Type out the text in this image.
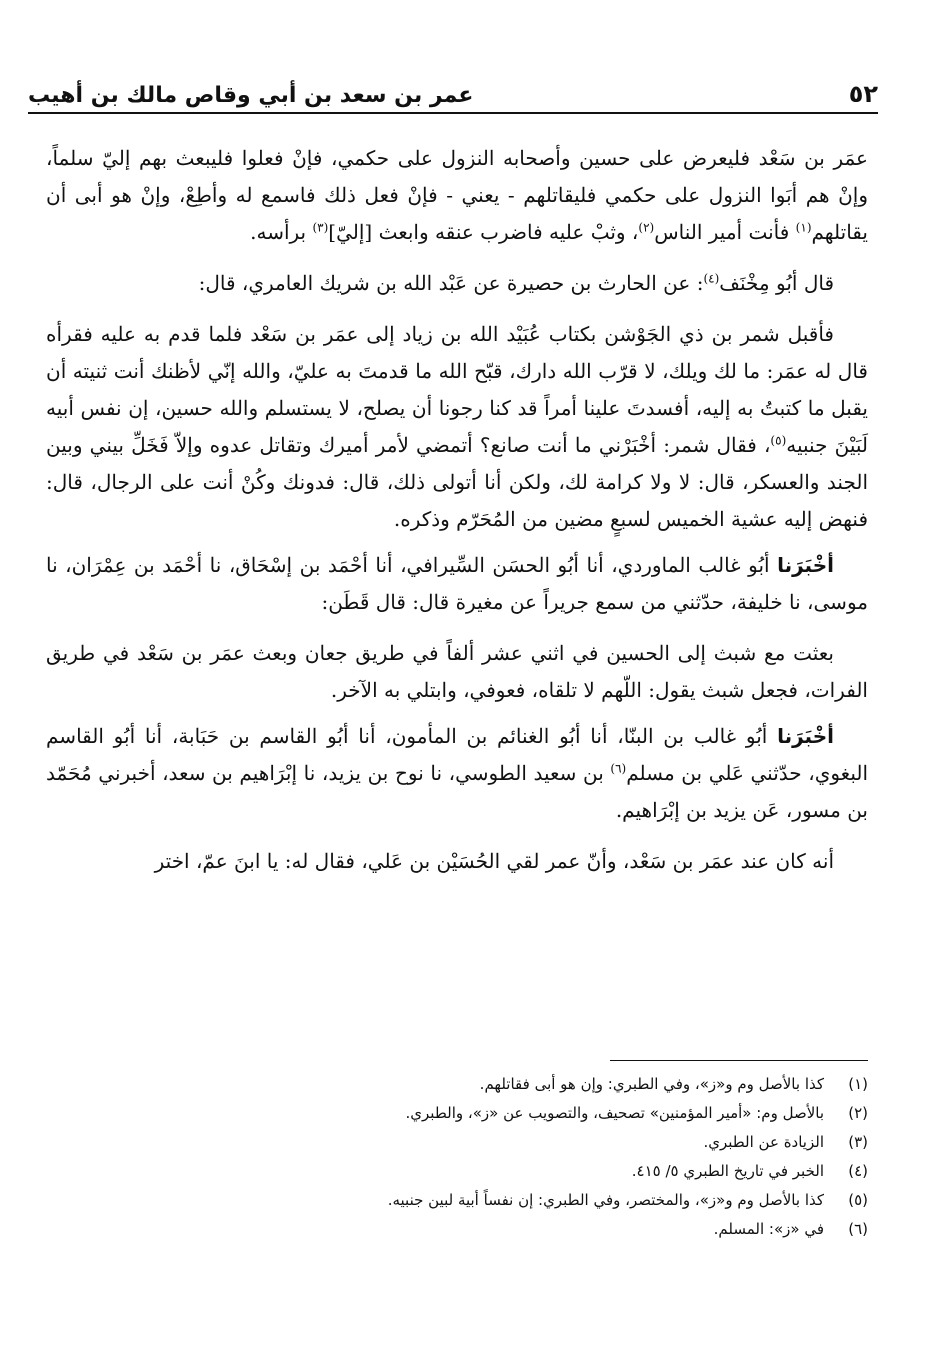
٥٢
عمر بن سعد بن أبي وقاص مالك بن أهيب

عمَر بن سَعْد فليعرض على حسين وأصحابه النزول على حكمي، فإنْ فعلوا فليبعث بهم إليّ سلماً، وإنْ هم أبَوا النزول على حكمي فليقاتلهم - يعني - فإنْ فعل ذلك فاسمع له وأطِعْ، وإنْ هو أبى أن يقاتلهم$^{(١)}$ فأنت أمير الناس$^{(٢)}$، وثبْ عليه فاضرب عنقه وابعث [إليّ]$^{(٣)}$ برأسه.

قال أبُو مِخْنَف$^{(٤)}$: عن الحارث بن حصيرة عن عَبْد الله بن شريك العامري، قال:

فأقبل شمر بن ذي الجَوْشن بكتاب عُبَيْد الله بن زياد إلى عمَر بن سَعْد فلما قدم به عليه فقرأه قال له عمَر: ما لك ويلك، لا قرّب الله دارك، قبّح الله ما قدمتَ به عليّ، والله إنّي لأظنك أنت ثنيته أن يقبل ما كتبتُ به إليه، أفسدتَ علينا أمراً قد كنا رجونا أن يصلح، لا يستسلم والله حسين، إن نفس أبيه لَبَيْنَ جنبيه$^{(٥)}$، فقال شمر: أخْبَرْني ما أنت صانع؟ أتمضي لأمر أميرك وتقاتل عدوه وإلاّ فَخَلِّ بيني وبين الجند والعسكر، قال: لا ولا كرامة لك، ولكن أنا أتولى ذلك، قال: فدونك وكُنْ أنت على الرجال، قال: فنهض إليه عشية الخميس لسبعٍ مضين من المُحَرّم وذكره.

أخْبَرَنا أبُو غالب الماوردي، أنا أبُو الحسَن السِّيرافي، أنا أحْمَد بن إسْحَاق، نا أحْمَد بن عِمْرَان، نا موسى، نا خليفة، حدّثني من سمع جريراً عن مغيرة قال: قال قَطَن:

بعثت مع شبث إلى الحسين في اثني عشر ألفاً في طريق جعان وبعث عمَر بن سَعْد في طريق الفرات، فجعل شبث يقول: اللّهم لا تلقاه، فعوفي، وابتلي به الآخر.

أخْبَرَنا أبُو غالب بن البنّا، أنا أبُو الغنائم بن المأمون، أنا أبُو القاسم بن حَبَابة، أنا أبُو القاسم البغوي، حدّثني عَلي بن مسلم$^{(٦)}$ بن سعيد الطوسي، نا نوح بن يزيد، نا إبْرَاهيم بن سعد، أخبرني مُحَمّد بن مسور، عَن يزيد بن إبْرَاهيم.

أنه كان عند عمَر بن سَعْد، وأنّ عمر لقي الحُسَيْن بن عَلي، فقال له: يا ابنَ عمّ، اختر

(١)
كذا بالأصل وم و«ز»، وفي الطبري: وإن هو أبى فقاتلهم.
(٢)
بالأصل وم: «أمير المؤمنين» تصحيف، والتصويب عن «ز»، والطبري.
(٣)
الزيادة عن الطبري.
(٤)
الخبر في تاريخ الطبري ٥/ ٤١٥.
(٥)
كذا بالأصل وم و«ز»، والمختصر، وفي الطبري: إن نفساً أبية لبين جنبيه.
(٦)
في «ز»: المسلم.
